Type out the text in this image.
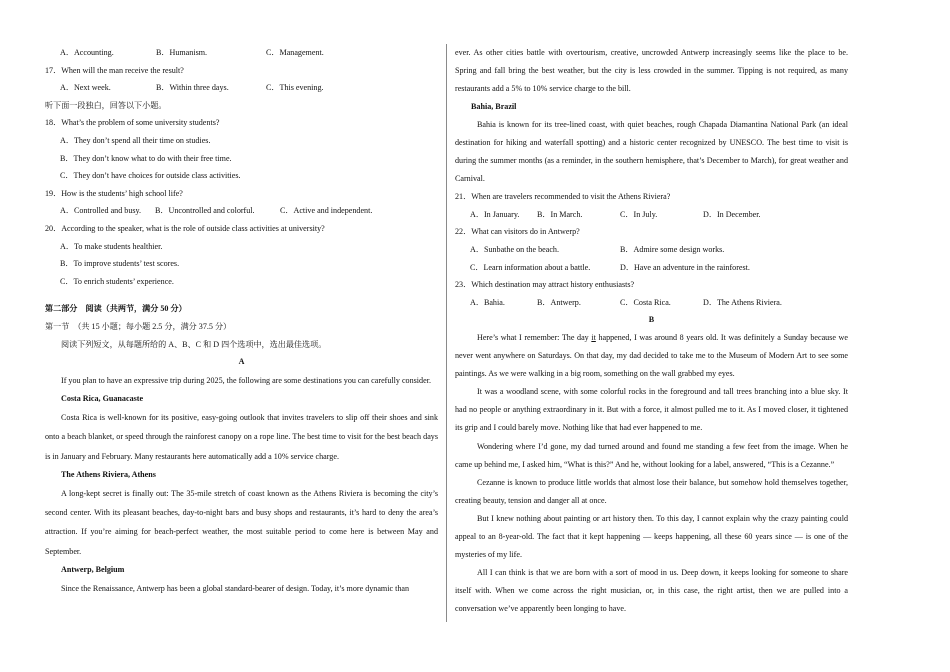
A．Accounting.	B．Humanism.	C．Management.
17．When will the man receive the result?
A．Next week.	B．Within three days.	C．This evening.
听下面一段独白，回答以下小题。
18．What’s the problem of some university students?
A．They don’t spend all their time on studies.
B．They don’t know what to do with their free time.
C．They don’t have choices for outside class activities.
19．How is the students’ high school life?
A．Controlled and busy.	B．Uncontrolled and colorful.	C．Active and independent.
20．According to the speaker, what is the role of outside class activities at university?
A．To make students healthier.
B．To improve students’ test scores.
C．To enrich students’ experience.
第二部分　阅读（共两节，满分 50 分）
第一节　（共 15 小题；每小题 2.5 分，满分 37.5 分）
阅读下列短文，从每题所给的 A、B、C 和 D 四个选项中，选出最佳选项。
A

If you plan to have an expressive trip during 2025, the following are some destinations you can carefully consider.

Costa Rica, Guanacaste

Costa Rica is well-known for its positive, easy-going outlook that invites travelers to slip off their shoes and sink onto a beach blanket, or speed through the rainforest canopy on a rope line. The best time to visit for the best beach days is in January and February. Many restaurants here automatically add a 10% service charge.

The Athens Riviera, Athens

A long-kept secret is finally out: The 35-mile stretch of coast known as the Athens Riviera is becoming the city’s second center. With its pleasant beaches, day-to-night bars and busy shops and restaurants, it’s hard to deny the area’s attraction. If you’re aiming for beach-perfect weather, the most suitable period to come here is between May and September.

Antwerp, Belgium

Since the Renaissance, Antwerp has been a global standard-bearer of design. Today, it’s more dynamic than

ever. As other cities battle with overtourism, creative, uncrowded Antwerp increasingly seems like the place to be. Spring and fall bring the best weather, but the city is less crowded in the summer. Tipping is not required, as many restaurants add a 5% to 10% service charge to the bill.

Bahia, Brazil

Bahia is known for its tree-lined coast, with quiet beaches, rough Chapada Diamantina National Park (an ideal destination for hiking and waterfall spotting) and a historic center recognized by UNESCO. The best time to visit is during the summer months (as a reminder, in the southern hemisphere, that’s December to March), for great weather and Carnival.

21．When are travelers recommended to visit the Athens Riviera?
A．In January.	B．In March.	C．In July.	D．In December.
22．What can visitors do in Antwerp?
A．Sunbathe on the beach.	B．Admire some design works.
C．Learn information about a battle.	D．Have an adventure in the rainforest.
23．Which destination may attract history enthusiasts?
A．Bahia.	B．Antwerp.	C．Costa Rica.	D．The Athens Riviera.
B

Here’s what I remember: The day it happened, I was around 8 years old. It was definitely a Sunday because we never went anywhere on Saturdays. On that day, my dad decided to take me to the Museum of Modern Art to see some paintings. As we were walking in a big room, something on the wall grabbed my eyes.

It was a woodland scene, with some colorful rocks in the foreground and tall trees branching into a blue sky. It had no people or anything extraordinary in it. But with a force, it almost pulled me to it. As I moved closer, it tightened its grip and I could barely move. Nothing like that had ever happened to me.

Wondering where I’d gone, my dad turned around and found me standing a few feet from the image. When he came up behind me, I asked him, “What is this?” And he, without looking for a label, answered, “This is a Cezanne.”

Cezanne is known to produce little worlds that almost lose their balance, but somehow hold themselves together, creating beauty, tension and danger all at once.

But I knew nothing about painting or art history then. To this day, I cannot explain why the crazy painting could appeal to an 8-year-old. The fact that it kept happening — keeps happening, all these 60 years since — is one of the mysteries of my life.

All I can think is that we are born with a sort of mood in us. Deep down, it keeps looking for someone to share itself with. When we come across the right musician, or, in this case, the right artist, then we are pulled into a conversation we’ve apparently been longing to have.
